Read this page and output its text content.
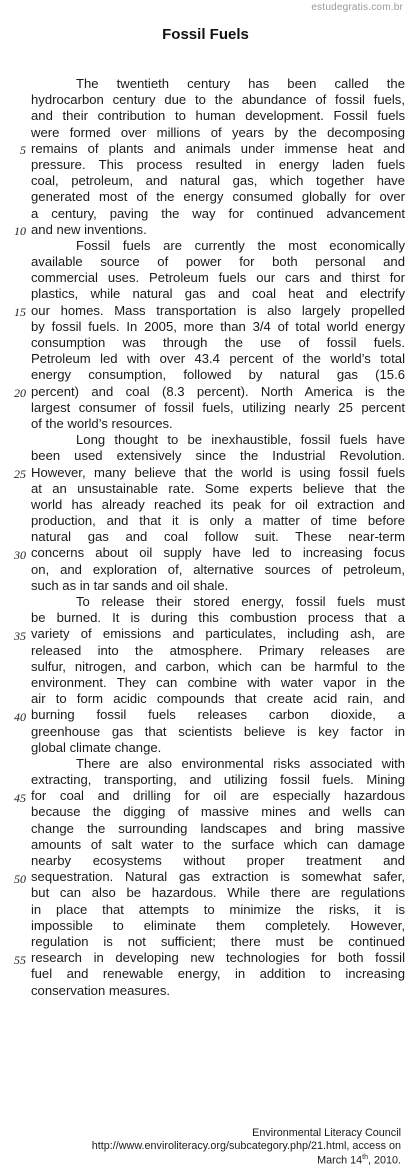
estudegratis.com.br
Fossil Fuels
The twentieth century has been called the
hydrocarbon century due to the abundance of fossil fuels,
and their contribution to human development. Fossil fuels
were formed over millions of years by the decomposing
remains of plants and animals under immense heat and
pressure. This process resulted in energy laden fuels
coal, petroleum, and natural gas, which together have
generated most of the energy consumed globally for over
a century, paving the way for continued advancement
and new inventions.
Fossil fuels are currently the most economically
available source of power for both personal and
commercial uses. Petroleum fuels our cars and thirst for
plastics, while natural gas and coal heat and electrify
our homes. Mass transportation is also largely propelled
by fossil fuels. In 2005, more than 3/4 of total world energy
consumption was through the use of fossil fuels.
Petroleum led with over 43.4 percent of the world’s total
energy consumption, followed by natural gas (15.6
percent) and coal (8.3 percent). North America is the
largest consumer of fossil fuels, utilizing nearly 25 percent
of the world’s resources.
Long thought to be inexhaustible, fossil fuels have
been used extensively since the Industrial Revolution.
However, many believe that the world is using fossil fuels
at an unsustainable rate. Some experts believe that the
world has already reached its peak for oil extraction and
production, and that it is only a matter of time before
natural gas and coal follow suit. These near-term
concerns about oil supply have led to increasing focus
on, and exploration of, alternative sources of petroleum,
such as in tar sands and oil shale.
To release their stored energy, fossil fuels must
be burned. It is during this combustion process that a
variety of emissions and particulates, including ash, are
released into the atmosphere. Primary releases are
sulfur, nitrogen, and carbon, which can be harmful to the
environment. They can combine with water vapor in the
air to form acidic compounds that create acid rain, and
burning fossil fuels releases carbon dioxide, a
greenhouse gas that scientists believe is key factor in
global climate change.
There are also environmental risks associated with
extracting, transporting, and utilizing fossil fuels. Mining
for coal and drilling for oil are especially hazardous
because the digging of massive mines and wells can
change the surrounding landscapes and bring massive
amounts of salt water to the surface which can damage
nearby ecosystems without proper treatment and
sequestration. Natural gas extraction is somewhat safer,
but can also be hazardous. While there are regulations
in place that attempts to minimize the risks, it is
impossible to eliminate them completely. However,
regulation is not sufficient; there must be continued
research in developing new technologies for both fossil
fuel and renewable energy, in addition to increasing
conservation measures.
5
10
15
20
25
30
35
40
45
50
55
Environmental Literacy Council
http://www.enviroliteracy.org/subcategory.php/21.html, access on
March 14th, 2010.
